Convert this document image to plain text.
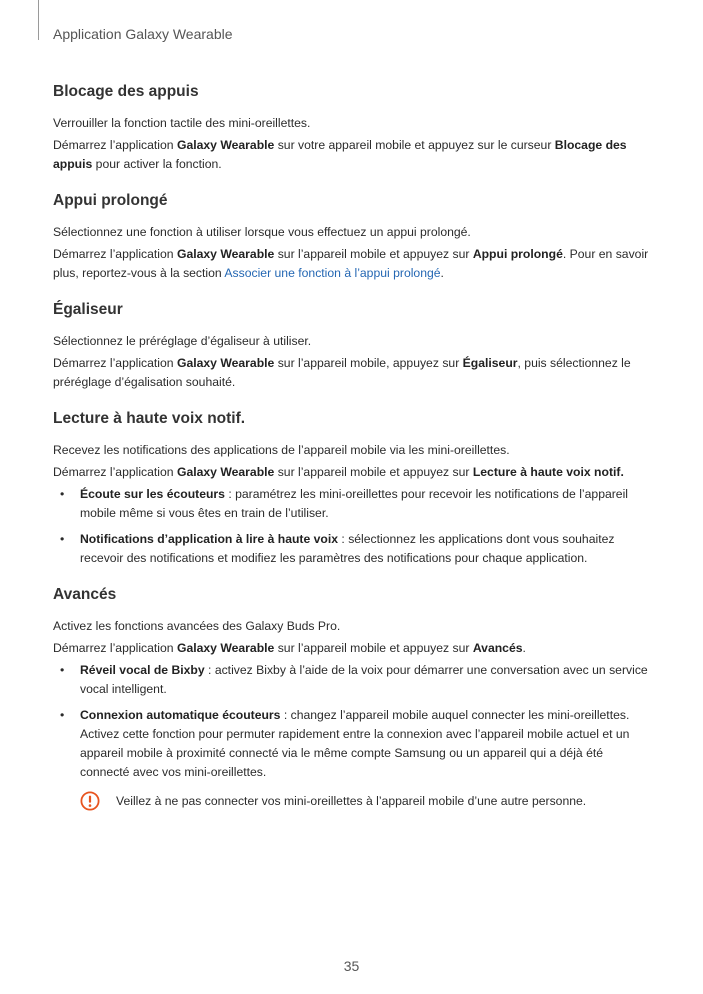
Application Galaxy Wearable
Blocage des appuis

Verrouiller la fonction tactile des mini-oreillettes.

Démarrez l’application Galaxy Wearable sur votre appareil mobile et appuyez sur le curseur Blocage des appuis pour activer la fonction.

Appui prolongé

Sélectionnez une fonction à utiliser lorsque vous effectuez un appui prolongé.

Démarrez l’application Galaxy Wearable sur l’appareil mobile et appuyez sur Appui prolongé. Pour en savoir plus, reportez-vous à la section Associer une fonction à l’appui prolongé.

Égaliseur

Sélectionnez le préréglage d’égaliseur à utiliser.

Démarrez l’application Galaxy Wearable sur l’appareil mobile, appuyez sur Égaliseur, puis sélectionnez le préréglage d’égalisation souhaité.

Lecture à haute voix notif.

Recevez les notifications des applications de l’appareil mobile via les mini-oreillettes.

Démarrez l’application Galaxy Wearable sur l’appareil mobile et appuyez sur Lecture à haute voix notif.

• Écoute sur les écouteurs : paramétrez les mini-oreillettes pour recevoir les notifications de l’appareil mobile même si vous êtes en train de l’utiliser.
• Notifications d’application à lire à haute voix : sélectionnez les applications dont vous souhaitez recevoir des notifications et modifiez les paramètres des notifications pour chaque application.
Avancés

Activez les fonctions avancées des Galaxy Buds Pro.

Démarrez l’application Galaxy Wearable sur l’appareil mobile et appuyez sur Avancés.

• Réveil vocal de Bixby : activez Bixby à l’aide de la voix pour démarrer une conversation avec un service vocal intelligent.
• Connexion automatique écouteurs : changez l’appareil mobile auquel connecter les mini-oreillettes. Activez cette fonction pour permuter rapidement entre la connexion avec l’appareil mobile actuel et un appareil mobile à proximité connecté via le même compte Samsung ou un appareil qui a déjà été connecté avec vos mini-oreillettes.
Veillez à ne pas connecter vos mini-oreillettes à l’appareil mobile d’une autre personne.
35
